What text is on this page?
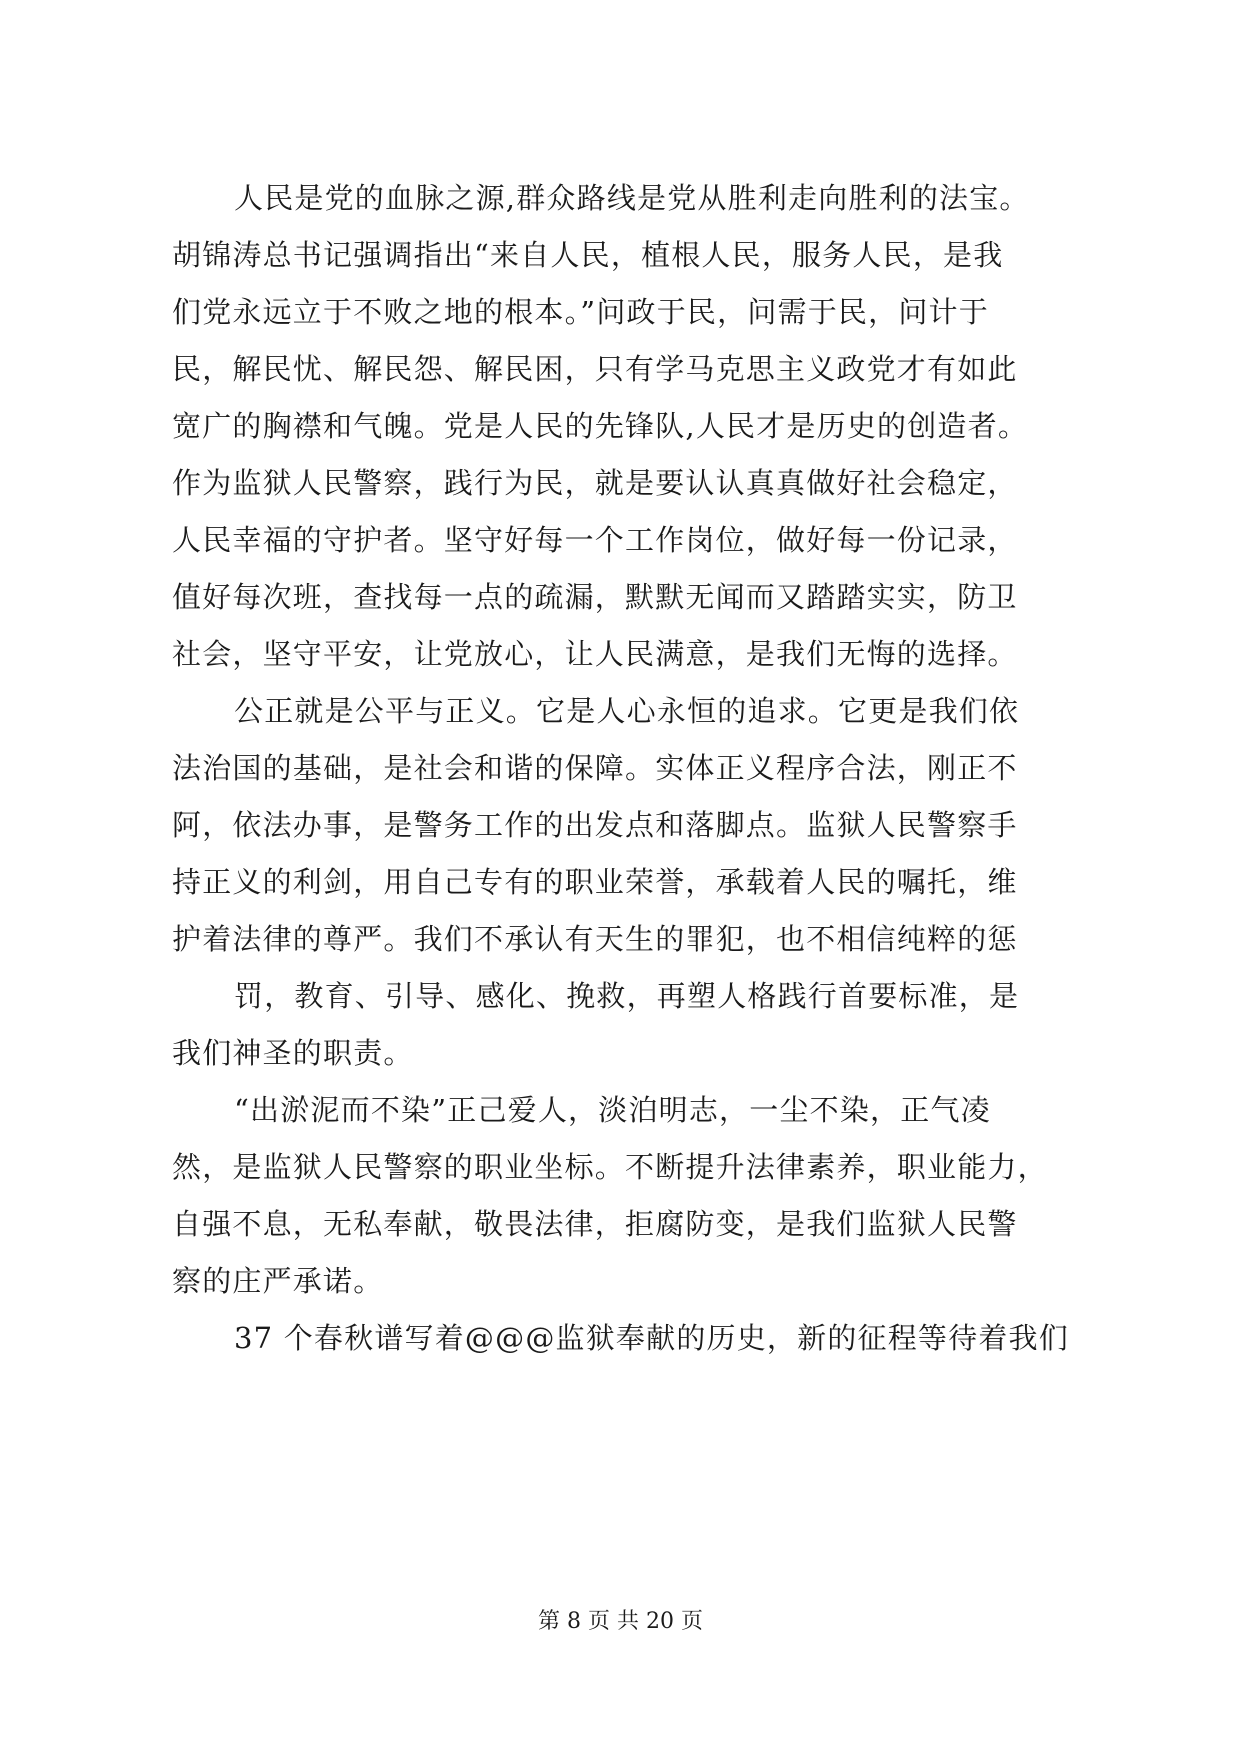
人民是党的血脉之源,群众路线是党从胜利走向胜利的法宝。
胡锦涛总书记强调指出“来自人民，植根人民，服务人民，是我
们党永远立于不败之地的根本。”问政于民，问需于民，问计于
民，解民忧、解民怨、解民困，只有学马克思主义政党才有如此
宽广的胸襟和气魄。党是人民的先锋队,人民才是历史的创造者。
作为监狱人民警察，践行为民，就是要认认真真做好社会稳定，
人民幸福的守护者。坚守好每一个工作岗位，做好每一份记录，
值好每次班，查找每一点的疏漏，默默无闻而又踏踏实实，防卫
社会，坚守平安，让党放心，让人民满意，是我们无悔的选择。
公正就是公平与正义。它是人心永恒的追求。它更是我们依
法治国的基础，是社会和谐的保障。实体正义程序合法，刚正不
阿，依法办事，是警务工作的出发点和落脚点。监狱人民警察手
持正义的利剑，用自己专有的职业荣誉，承载着人民的嘱托，维
护着法律的尊严。我们不承认有天生的罪犯，也不相信纯粹的惩
罚，教育、引导、感化、挽救，再塑人格践行首要标准，是
我们神圣的职责。
“出淤泥而不染”正己爱人，淡泊明志，一尘不染，正气凌
然，是监狱人民警察的职业坐标。不断提升法律素养，职业能力，
自强不息，无私奉献，敬畏法律，拒腐防变，是我们监狱人民警
察的庄严承诺。
37 个春秋谱写着@@@监狱奉献的历史，新的征程等待着我们
第 8 页 共 20 页
